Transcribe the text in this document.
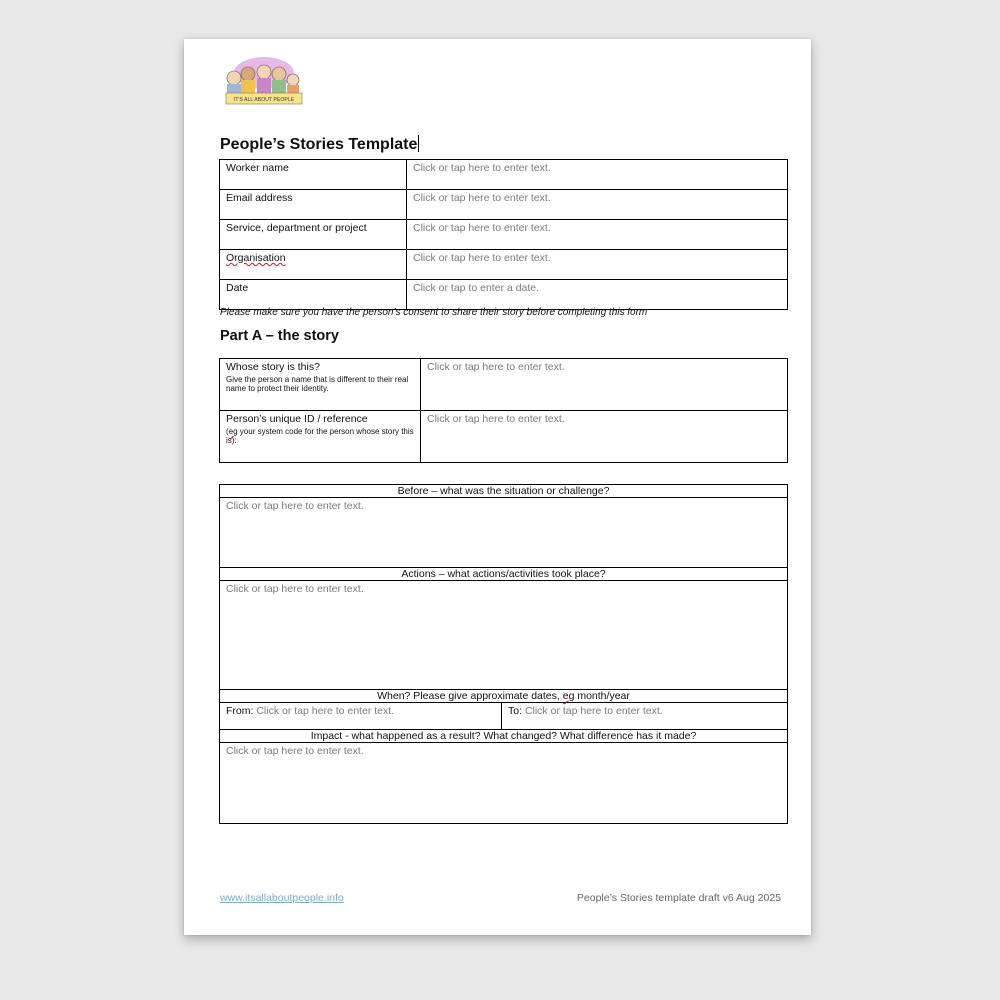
IT'S ALL ABOUT PEOPLE
People’s Stories Template
Worker name	Click or tap here to enter text.
Email address	Click or tap here to enter text.
Service, department or project	Click or tap here to enter text.
Organisation	Click or tap here to enter text.
Date	Click or tap to enter a date.
Please make sure you have the person’s consent to share their story before completing this form
Part A – the story
Whose story is this?
Give the person a name that is different to their real name to protect their identity.	Click or tap here to enter text.
Person’s unique ID / reference
(eg your system code for the person whose story this is):	Click or tap here to enter text.
Before – what was the situation or challenge?
Click or tap here to enter text.
Actions – what actions/activities took place?
Click or tap here to enter text.
When? Please give approximate dates, eg month/year
From: Click or tap here to enter text.	To: Click or tap here to enter text.
Impact - what happened as a result? What changed? What difference has it made?
Click or tap here to enter text.
www.itsallaboutpeople.info	People’s Stories template draft v6 Aug 2025
